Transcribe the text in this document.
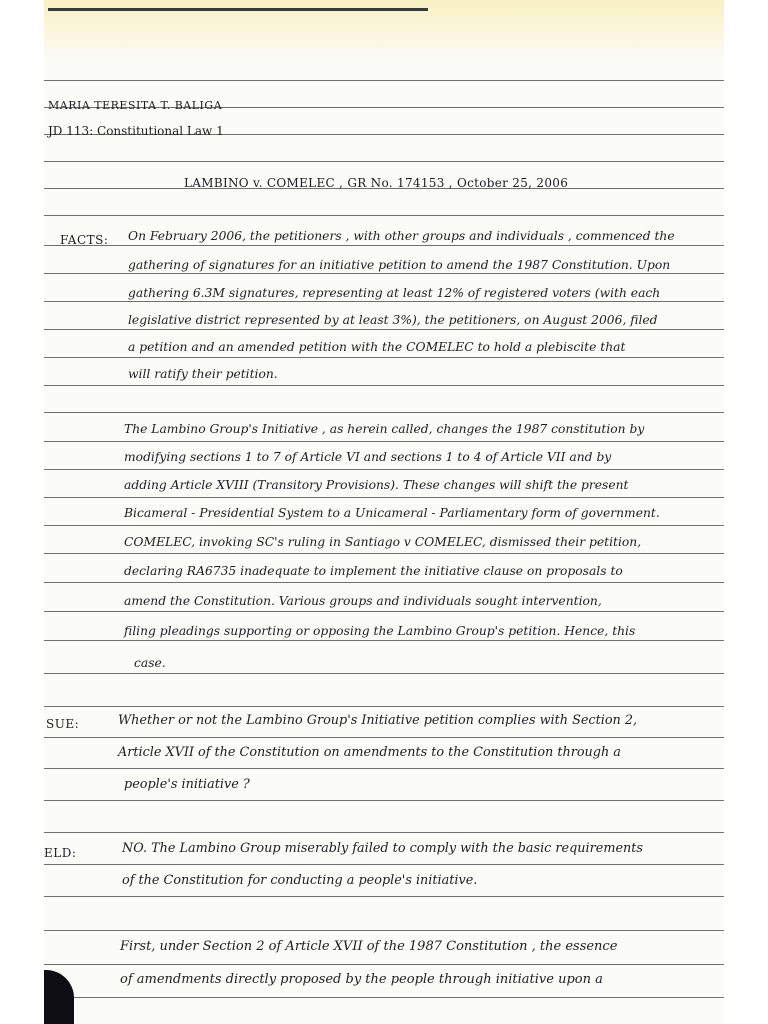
MARIA TERESITA T. BALIGA
JD 113: Constitutional Law 1
LAMBINO v. COMELEC , GR No. 174153 , October 25, 2006
FACTS: On February 2006, the petitioners , with other groups and individuals , commenced the
gathering of signatures for an initiative petition to amend the 1987 Constitution. Upon
gathering 6.3M signatures, representing at least 12% of registered voters (with each
legislative district represented by at least 3%), the petitioners, on August 2006, filed
a petition and an amended petition with the COMELEC to hold a plebiscite that
will ratify their petition.
The Lambino Group's Initiative , as herein called, changes the 1987 constitution by
modifying sections 1 to 7 of Article VI and sections 1 to 4 of Article VII and by
adding Article XVIII (Transitory Provisions). These changes will shift the present
Bicameral - Presidential System to a Unicameral - Parliamentary form of government.
COMELEC, invoking SC's ruling in Santiago v COMELEC, dismissed their petition,
declaring RA6735 inadequate to implement the initiative clause on proposals to
amend the Constitution. Various groups and individuals sought intervention,
filing pleadings supporting or opposing the Lambino Group's petition. Hence, this
case.
SUE:	Whether or not the Lambino Group's Initiative petition complies with Section 2,
Article XVII of the Constitution on amendments to the Constitution through a
people's initiative ?
ELD:	NO. The Lambino Group miserably failed to comply with the basic requirements
of the Constitution for conducting a people's initiative.
First, under Section 2 of Article XVII of the 1987 Constitution , the essence
of amendments directly proposed by the people through initiative upon a
